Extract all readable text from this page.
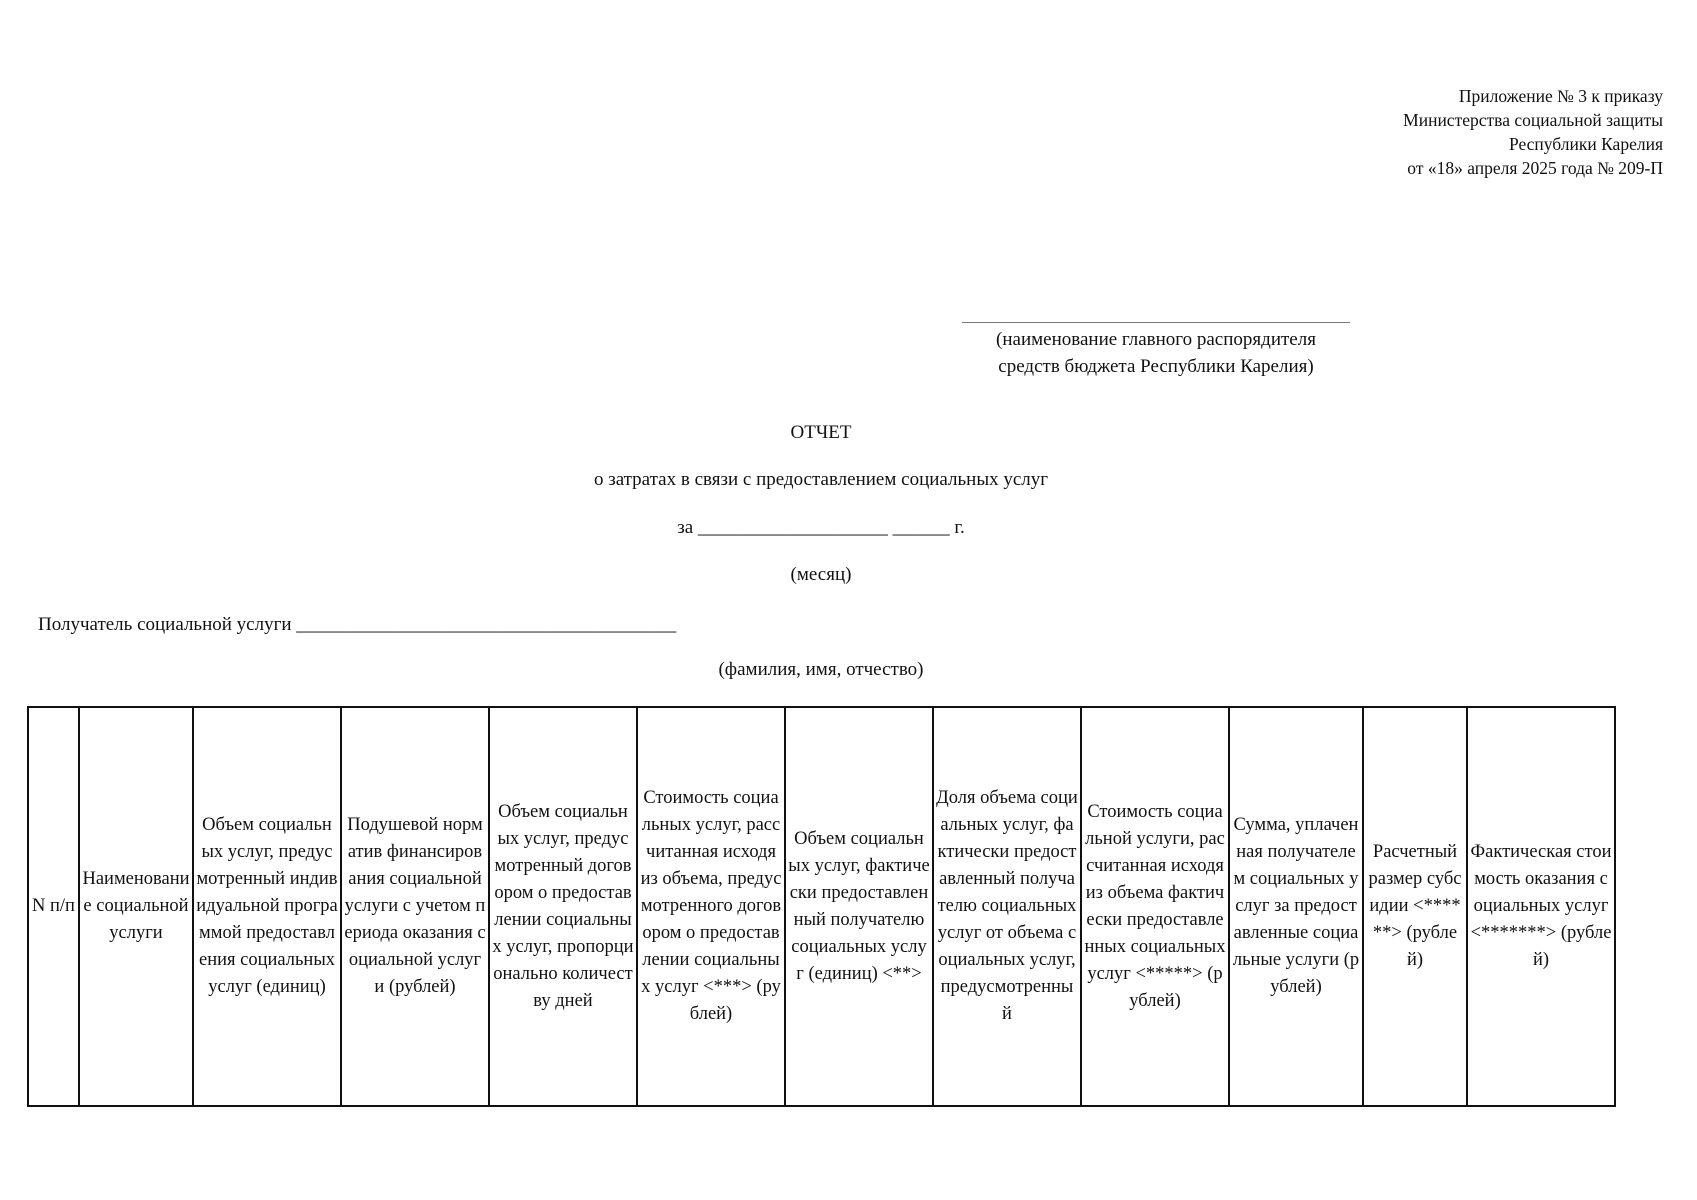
Приложение № 3 к приказу
Министерства социальной защиты
Республики Карелия
от «18» апреля 2025 года № 209-П
(наименование главного распорядителя
средств бюджета Республики Карелия)
ОТЧЕТ
о затратах в связи с предоставлением социальных услуг
за ____________________ ______ г.
(месяц)
Получатель социальной услуги ________________________________________
(фамилия, имя, отчество)
N п/п	Наименование социальной услуги	Объем социальных услуг, предусмотренный индивидуальной программой предоставления социальных услуг (единиц)	Подушевой норматив финансирования социальной услуги с учетом периода оказания социальной услуги (рублей)	Объем социальных услуг, предусмотренный договором о предоставлении социальных услуг, пропорционально количеству дней	Стоимость социальных услуг, рассчитанная исходя из объема, предусмотренного договором о предоставлении социальных услуг <***> (рублей)	Объем социальных услуг, фактически предоставленный получателю социальных услуг (единиц) <**>	Доля объема социальных услуг, фактически предоставленный получателю социальных услуг от объема социальных услуг, предусмотренный	Стоимость социальной услуги, рассчитанная исходя из объема фактически предоставленных социальных услуг <*****> (рублей)	Сумма, уплаченная получателем социальных услуг за предоставленные социальные услуги (рублей)	Расчетный размер субсидии <******> (рублей)	Фактическая стоимость оказания социальных услуг <*******> (рублей)
